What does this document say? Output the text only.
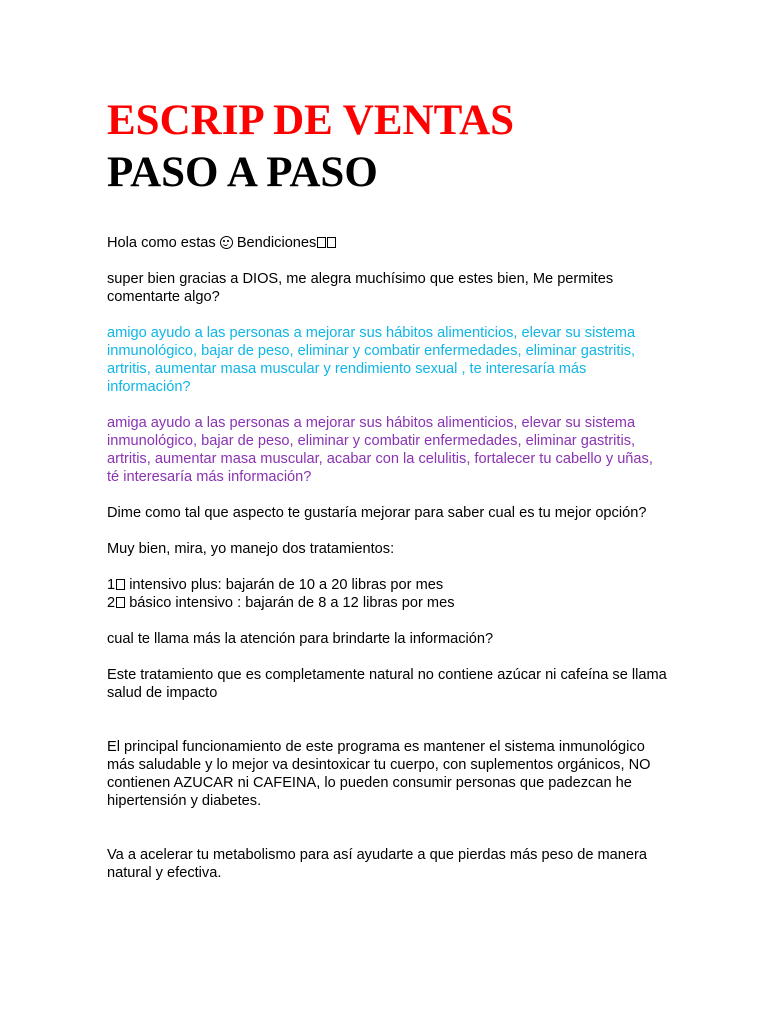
ESCRIP DE VENTAS
PASO A PASO

Hola como estas Bendiciones

super bien gracias a DIOS, me alegra muchísimo que estes bien, Me permites comentarte algo?

amigo ayudo a las personas a mejorar sus hábitos alimenticios, elevar su sistema inmunológico, bajar de peso, eliminar y combatir enfermedades, eliminar gastritis, artritis, aumentar masa muscular y rendimiento sexual , te interesaría más información?

amiga ayudo a las personas a mejorar sus hábitos alimenticios, elevar su sistema inmunológico, bajar de peso, eliminar y combatir enfermedades, eliminar gastritis, artritis, aumentar masa muscular, acabar con la celulitis, fortalecer tu cabello y uñas, té interesaría más información?

Dime como tal que aspecto te gustaría mejorar para saber cual es tu mejor opción?

Muy bien, mira, yo manejo dos tratamientos:

1 intensivo plus: bajarán de 10 a 20 libras por mes

2 básico intensivo : bajarán de 8 a 12 libras por mes

cual te llama más la atención para brindarte la información?

Este tratamiento que es completamente natural no contiene azúcar ni cafeína se llama salud de impacto

El principal funcionamiento de este programa es mantener el sistema inmunológico más saludable y lo mejor va desintoxicar tu cuerpo, con suplementos orgánicos, NO contienen AZUCAR ni CAFEINA, lo pueden consumir personas que padezcan he hipertensión y diabetes.

Va a acelerar tu metabolismo para así ayudarte a que pierdas más peso de manera natural y efectiva.
